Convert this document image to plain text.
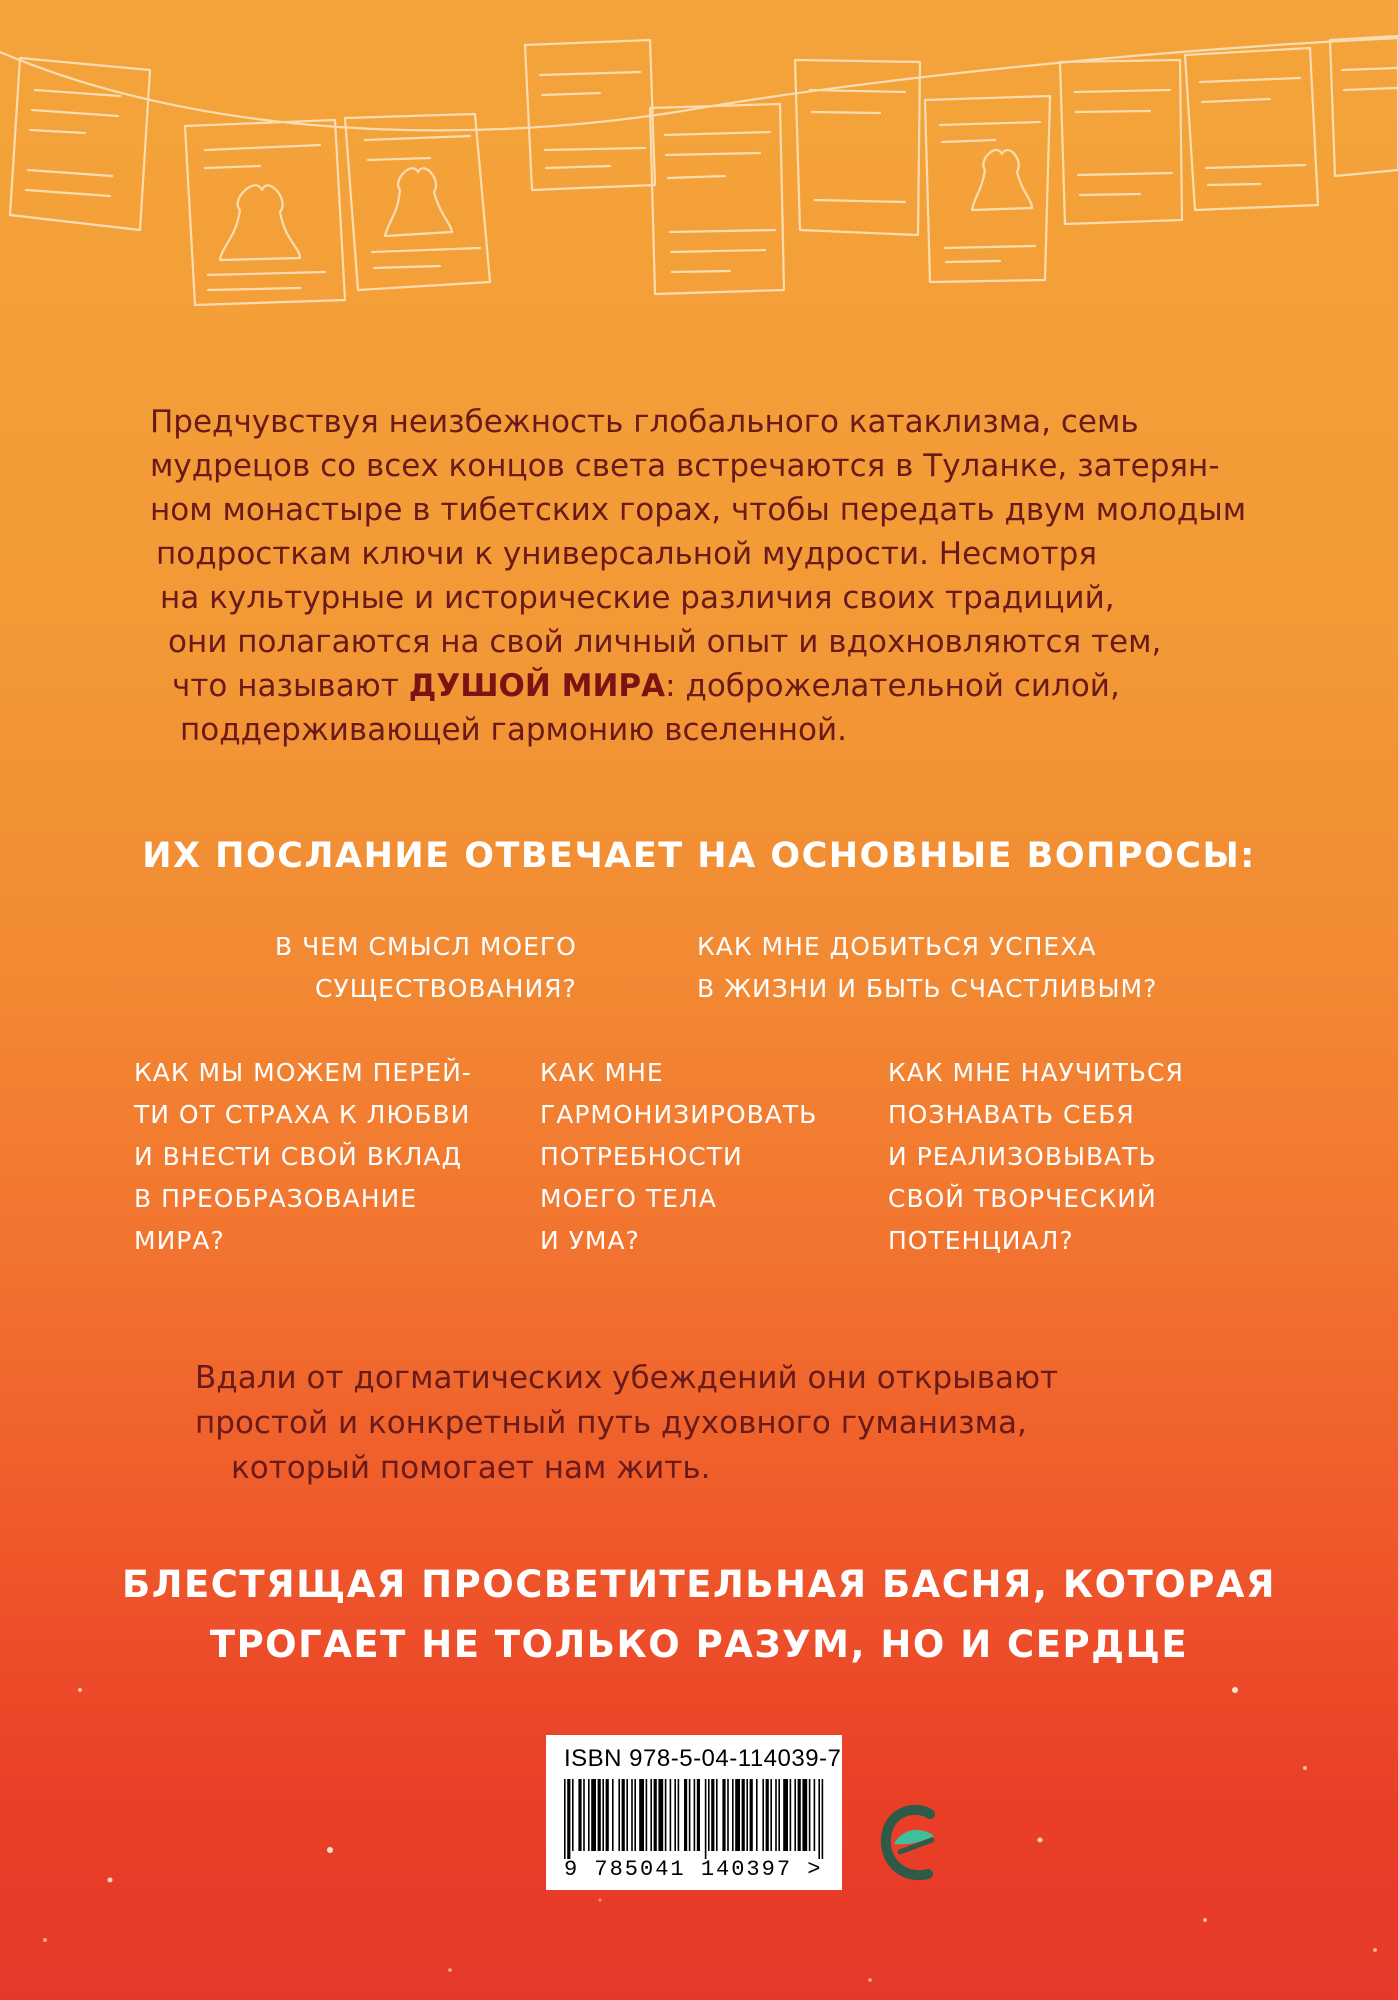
Предчувствуя неизбежность глобального катаклизма, семь
мудрецов со всех концов света встречаются в Туланке, затерян-
ном монастыре в тибетских горах, чтобы передать двум молодым
подросткам ключи к универсальной мудрости. Несмотря
на культурные и исторические различия своих традиций,
они полагаются на свой личный опыт и вдохновляются тем,
что называют ДУШОЙ МИРА: доброжелательной силой,
поддерживающей гармонию вселенной.
ИХ ПОСЛАНИЕ ОТВЕЧАЕТ НА ОСНОВНЫЕ ВОПРОСЫ:
В ЧЕМ СМЫСЛ МОЕГО
СУЩЕСТВОВАНИЯ?
КАК МНЕ ДОБИТЬСЯ УСПЕХА
В ЖИЗНИ И БЫТЬ СЧАСТЛИВЫМ?
КАК МЫ МОЖЕМ ПЕРЕЙ-
ТИ ОТ СТРАХА К ЛЮБВИ
И ВНЕСТИ СВОЙ ВКЛАД
В ПРЕОБРАЗОВАНИЕ
МИРА?
КАК МНЕ
ГАРМОНИЗИРОВАТЬ
ПОТРЕБНОСТИ
МОЕГО ТЕЛА
И УМА?
КАК МНЕ НАУЧИТЬСЯ
ПОЗНАВАТЬ СЕБЯ
И РЕАЛИЗОВЫВАТЬ
СВОЙ ТВОРЧЕСКИЙ
ПОТЕНЦИАЛ?
Вдали от догматических убеждений они открывают
простой и конкретный путь духовного гуманизма,
который помогает нам жить.
БЛЕСТЯЩАЯ ПРОСВЕТИТЕЛЬНАЯ БАСНЯ, КОТОРАЯ
ТРОГАЕТ НЕ ТОЛЬКО РАЗУМ, НО И СЕРДЦЕ
ISBN 978-5-04-114039-7
9 785041 140397 >
